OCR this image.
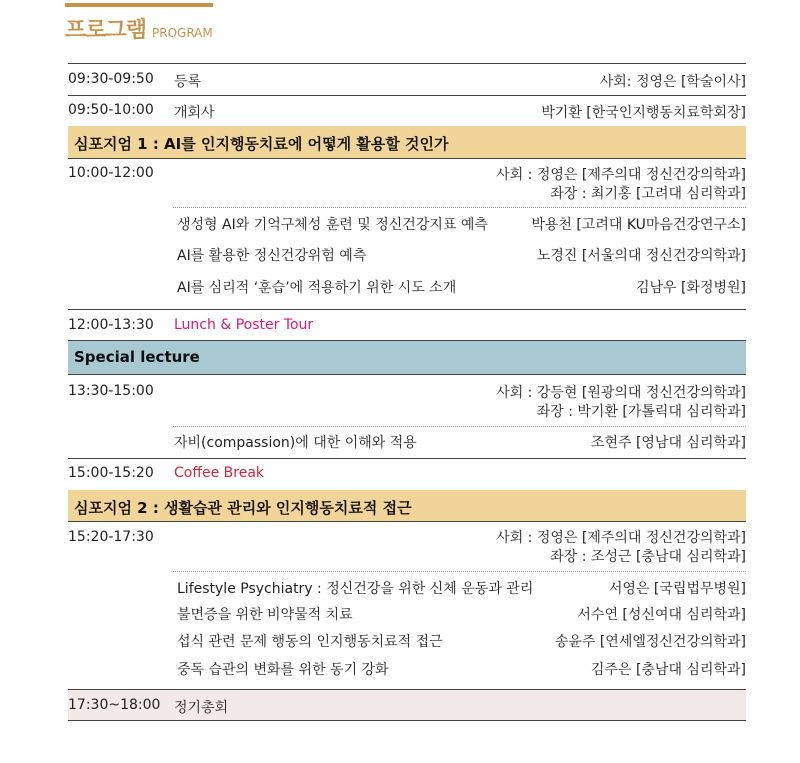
프로그램 PROGRAM
09:30-09:50 등록	사회: 정영은 [학술이사]
09:50-10:00 개회사	박기환 [한국인지행동치료학회장]
심포지엄 1 : AI를 인지행동치료에 어떻게 활용할 것인가
10:00-12:00	사회 : 정영은 [제주의대 정신건강의학과]
좌장 : 최기홍 [고려대 심리학과]
생성형 AI와 기억구체성 훈련 및 정신건강지표 예측	박용천 [고려대 KU마음건강연구소]
AI를 활용한 정신건강위험 예측	노경진 [서울의대 정신건강의학과]
AI를 심리적 ‘훈습’에 적용하기 위한 시도 소개	김남우 [화정병원]
12:00-13:30 Lunch & Poster Tour
Special lecture
13:30-15:00	사회 : 강등현 [원광의대 정신건강의학과]
좌장 : 박기환 [가톨릭대 심리학과]
자비(compassion)에 대한 이해와 적용	조현주 [영남대 심리학과]
15:00-15:20 Coffee Break
심포지엄 2 : 생활습관 관리와 인지행동치료적 접근
15:20-17:30	사회 : 정영은 [제주의대 정신건강의학과]
좌장 : 조성근 [충남대 심리학과]
Lifestyle Psychiatry : 정신건강을 위한 신체 운동과 관리	서영은 [국립법무병원]
불면증을 위한 비약물적 치료	서수연 [성신여대 심리학과]
섭식 관련 문제 행동의 인지행동치료적 접근	송윤주 [연세엘정신건강의학과]
중독 습관의 변화를 위한 동기 강화	김주은 [충남대 심리학과]
17:30~18:00 정기총회
